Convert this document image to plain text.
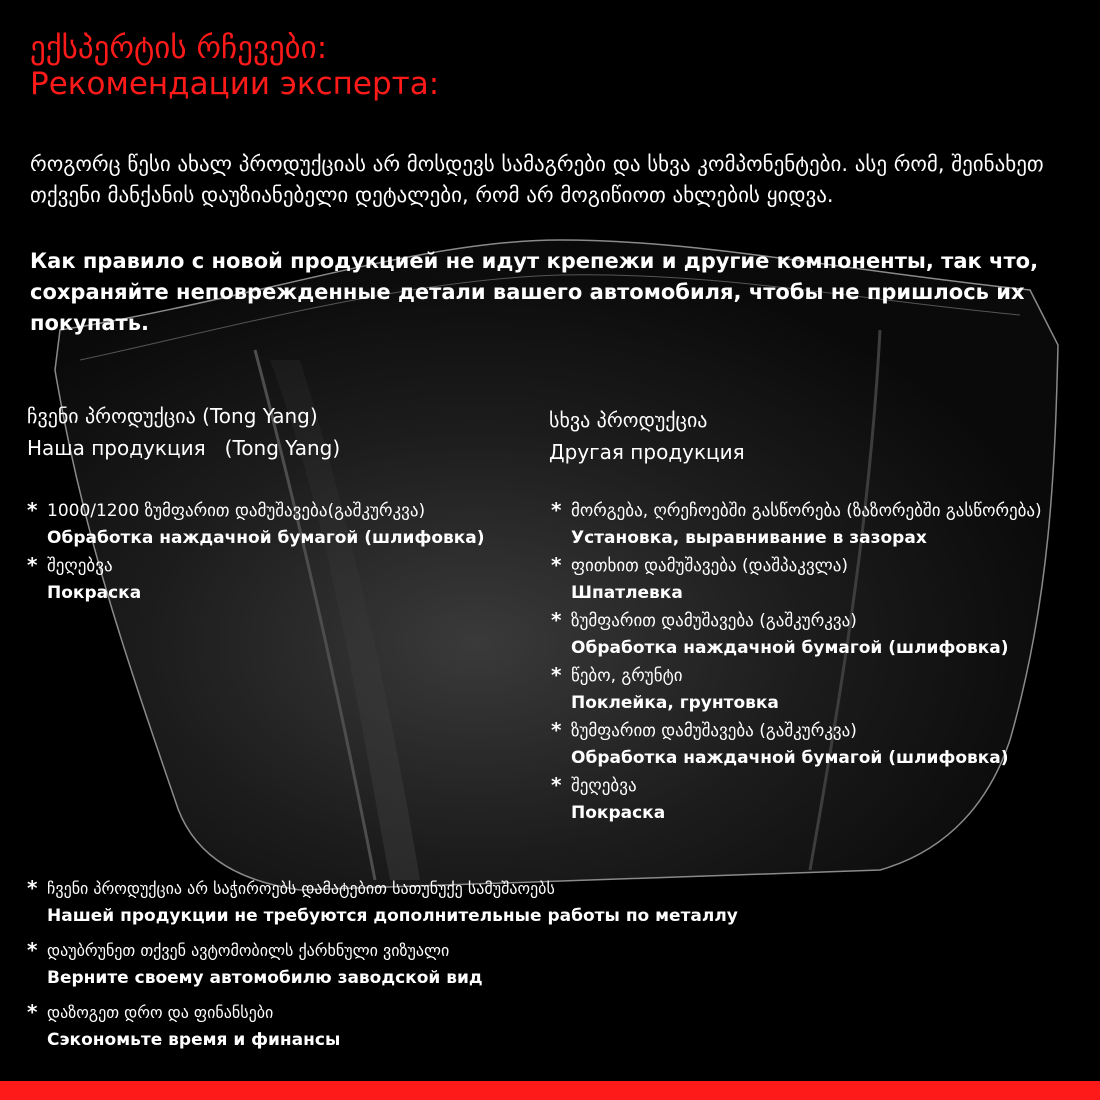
ექსპერტის რჩევები:
Рекомендации эксперта:

როგორც წესი ახალ პროდუქციას არ მოსდევს სამაგრები და სხვა კომპონენტები. ასე რომ, შეინახეთ თქვენი მანქანის დაუზიანებელი დეტალები, რომ არ მოგიწიოთ ახლების ყიდვა.

Как правило с новой продукцией не идут крепежи и другие компоненты, так что, сохраняйте неповрежденные детали вашего автомобиля, чтобы не пришлось их покупать.

ჩვენი პროდუქცია (Tong Yang)
Наша продукция   (Tong Yang)
სხვა პროდუქცია
Другая продукция
* 1000/1200 ზუმფარით დამუშავება(გაშკურკვა)
Обработка наждачной бумагой (шлифовка)
* შეღებვა
Покраска
* მორგება, ღრეჩოებში გასწორება (ზაზორებში გასწორება)
Установка, выравнивание в зазорах
* ფითხით დამუშავება (დაშპაკვლა)
Шпатлевка
* ზუმფარით დამუშავება (გაშკურკვა)
Обработка наждачной бумагой (шлифовка)
* წებო, გრუნტი
Поклейка, грунтовка
* ზუმფარით დამუშავება (გაშკურკვა)
Обработка наждачной бумагой (шлифовка)
* შეღებვა
Покраска
* ჩვენი პროდუქცია არ საჭიროებს დამატებით სათუნუქე სამუშაოებს
Нашей продукции не требуются дополнительные работы по металлу
* დაუბრუნეთ თქვენ ავტომობილს ქარხნული ვიზუალი
Верните своему автомобилю заводской вид
* დაზოგეთ დრო და ფინანსები
Сэкономьте время и финансы
